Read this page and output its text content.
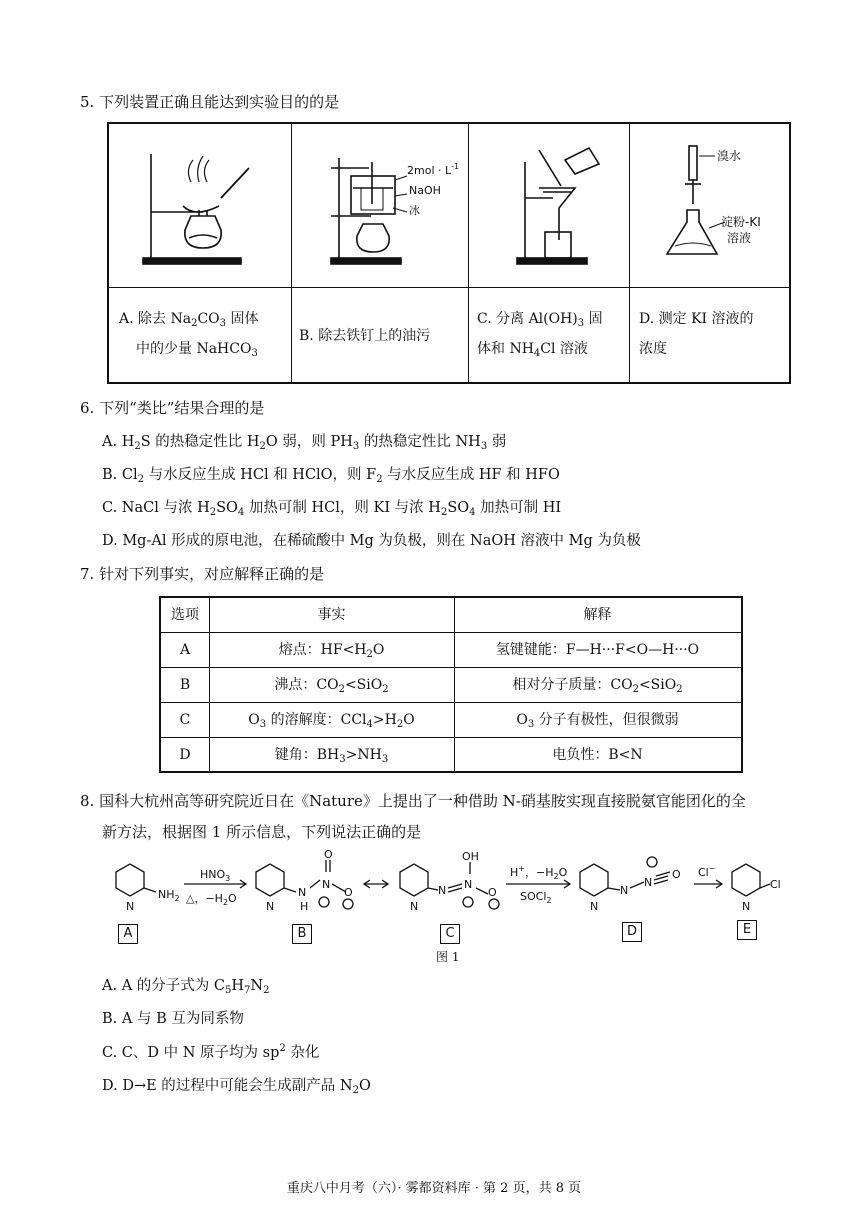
5. 下列装置正确且能达到实验目的的是
$2mol \cdot L^{-1}$
NaOH
冰
溴水
淀粉-KI
溶液
A. 除去 $Na_2CO_3$ 固体
中的少量 NaHCO$_3$
B. 除去铁钉上的油污
C. 分离 $Al(OH)_3$ 固
体和 $NH_4Cl$ 溶液
D. 测定 KI 溶液的
浓度
6. 下列“类比”结果合理的是
A. $H_2S$ 的热稳定性比 $H_2O$ 弱，则 $PH_3$ 的热稳定性比 $NH_3$ 弱
B. $Cl_2$ 与水反应生成 HCl 和 HClO，则 $F_2$ 与水反应生成 HF 和 HFO
C. NaCl 与浓 $H_2SO_4$ 加热可制 HCl，则 KI 与浓 $H_2SO_4$ 加热可制 HI
D. Mg-Al 形成的原电池，在稀硫酸中 Mg 为负极，则在 NaOH 溶液中 Mg 为负极
7. 针对下列事实，对应解释正确的是
选项	事实	解释
A	熔点：$HF<H_2O$	氢键键能：F—H···F<O—H···O
B	沸点：$CO_2<SiO_2$	相对分子质量：$CO_2<SiO_2$
C	$O_3$ 的溶解度：$CCl_4>H_2O$	$O_3$ 分子有极性，但很微弱
D	键角：$BH_3>NH_3$	电负性：B<N
8. 国科大杭州高等研究院近日在《Nature》上提出了一种借助 N-硝基胺实现直接脱氨官能团化的全
新方法，根据图 1 所示信息，下列说法正确的是
N
$NH_2$
$HNO_3$
△，$-H_2O$
N
N
H
N
O
O
N
N N
OH
O
H+，$-H_2O$
SOCl$_2$	N
N
N
O Cl−
N
Cl
A	B	C	D	E
图 1
A. A 的分子式为 $C_5H_7N_2$
B. A 与 B 互为同系物
C. C、D 中 N 原子均为 $sp^2$ 杂化
D. D→E 的过程中可能会生成副产品 $N_2O$
重庆八中月考（六）· 雾都资料库 · 第 2 页，共 8 页
